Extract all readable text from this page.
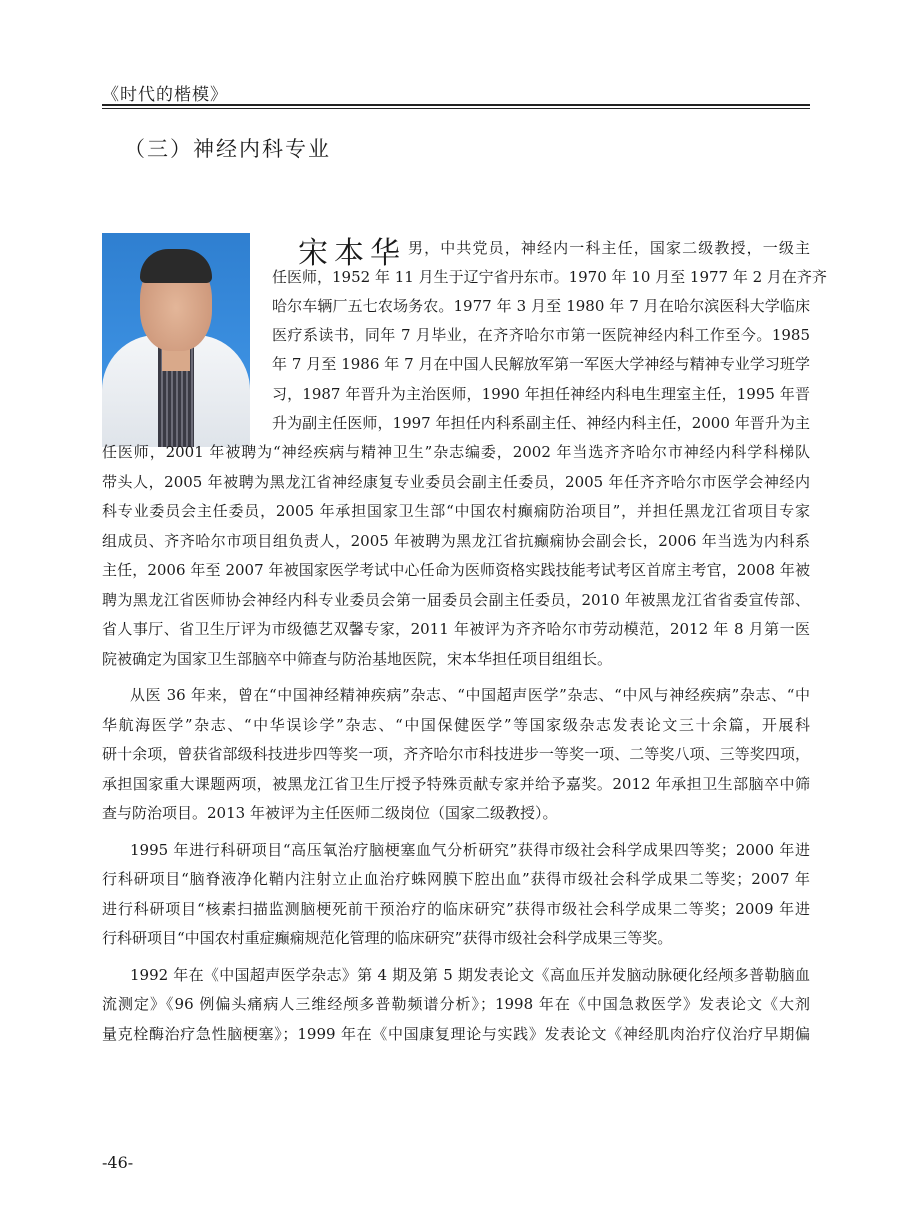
《时代的楷模》
（三）神经内科专业
宋本华 男，中共党员，神经内一科主任，国家二级教授，一级主
任医师，1952 年 11 月生于辽宁省丹东市。1970 年 10 月至 1977 年 2 月在齐齐
哈尔车辆厂五七农场务农。1977 年 3 月至 1980 年 7 月在哈尔滨医科大学临床
医疗系读书，同年 7 月毕业，在齐齐哈尔市第一医院神经内科工作至今。1985
年 7 月至 1986 年 7 月在中国人民解放军第一军医大学神经与精神专业学习班学
习，1987 年晋升为主治医师，1990 年担任神经内科电生理室主任，1995 年晋
升为副主任医师，1997 年担任内科系副主任、神经内科主任，2000 年晋升为主
任医师，2001 年被聘为“神经疾病与精神卫生”杂志编委，2002 年当选齐齐哈尔市神经内科学科梯队
带头人，2005 年被聘为黑龙江省神经康复专业委员会副主任委员，2005 年任齐齐哈尔市医学会神经内
科专业委员会主任委员，2005 年承担国家卫生部“中国农村癫痫防治项目”，并担任黑龙江省项目专家
组成员、齐齐哈尔市项目组负责人，2005 年被聘为黑龙江省抗癫痫协会副会长，2006 年当选为内科系
主任，2006 年至 2007 年被国家医学考试中心任命为医师资格实践技能考试考区首席主考官，2008 年被
聘为黑龙江省医师协会神经内科专业委员会第一届委员会副主任委员，2010 年被黑龙江省省委宣传部、
省人事厅、省卫生厅评为市级德艺双馨专家，2011 年被评为齐齐哈尔市劳动模范，2012 年 8 月第一医
院被确定为国家卫生部脑卒中筛查与防治基地医院，宋本华担任项目组组长。
从医 36 年来，曾在“中国神经精神疾病”杂志、“中国超声医学”杂志、“中风与神经疾病”杂志、“中
华航海医学”杂志、“中华误诊学”杂志、“中国保健医学”等国家级杂志发表论文三十余篇，开展科
研十余项，曾获省部级科技进步四等奖一项，齐齐哈尔市科技进步一等奖一项、二等奖八项、三等奖四项，
承担国家重大课题两项，被黑龙江省卫生厅授予特殊贡献专家并给予嘉奖。2012 年承担卫生部脑卒中筛
查与防治项目。2013 年被评为主任医师二级岗位（国家二级教授）。
1995 年进行科研项目“高压氧治疗脑梗塞血气分析研究”获得市级社会科学成果四等奖；2000 年进
行科研项目“脑脊液净化鞘内注射立止血治疗蛛网膜下腔出血”获得市级社会科学成果二等奖；2007 年
进行科研项目“核素扫描监测脑梗死前干预治疗的临床研究”获得市级社会科学成果二等奖；2009 年进
行科研项目“中国农村重症癫痫规范化管理的临床研究”获得市级社会科学成果三等奖。
1992 年在《中国超声医学杂志》第 4 期及第 5 期发表论文《高血压并发脑动脉硬化经颅多普勒脑血
流测定》《96 例偏头痛病人三维经颅多普勒频谱分析》；1998 年在《中国急救医学》发表论文《大剂
量克栓酶治疗急性脑梗塞》；1999 年在《中国康复理论与实践》发表论文《神经肌肉治疗仪治疗早期偏
-46-
